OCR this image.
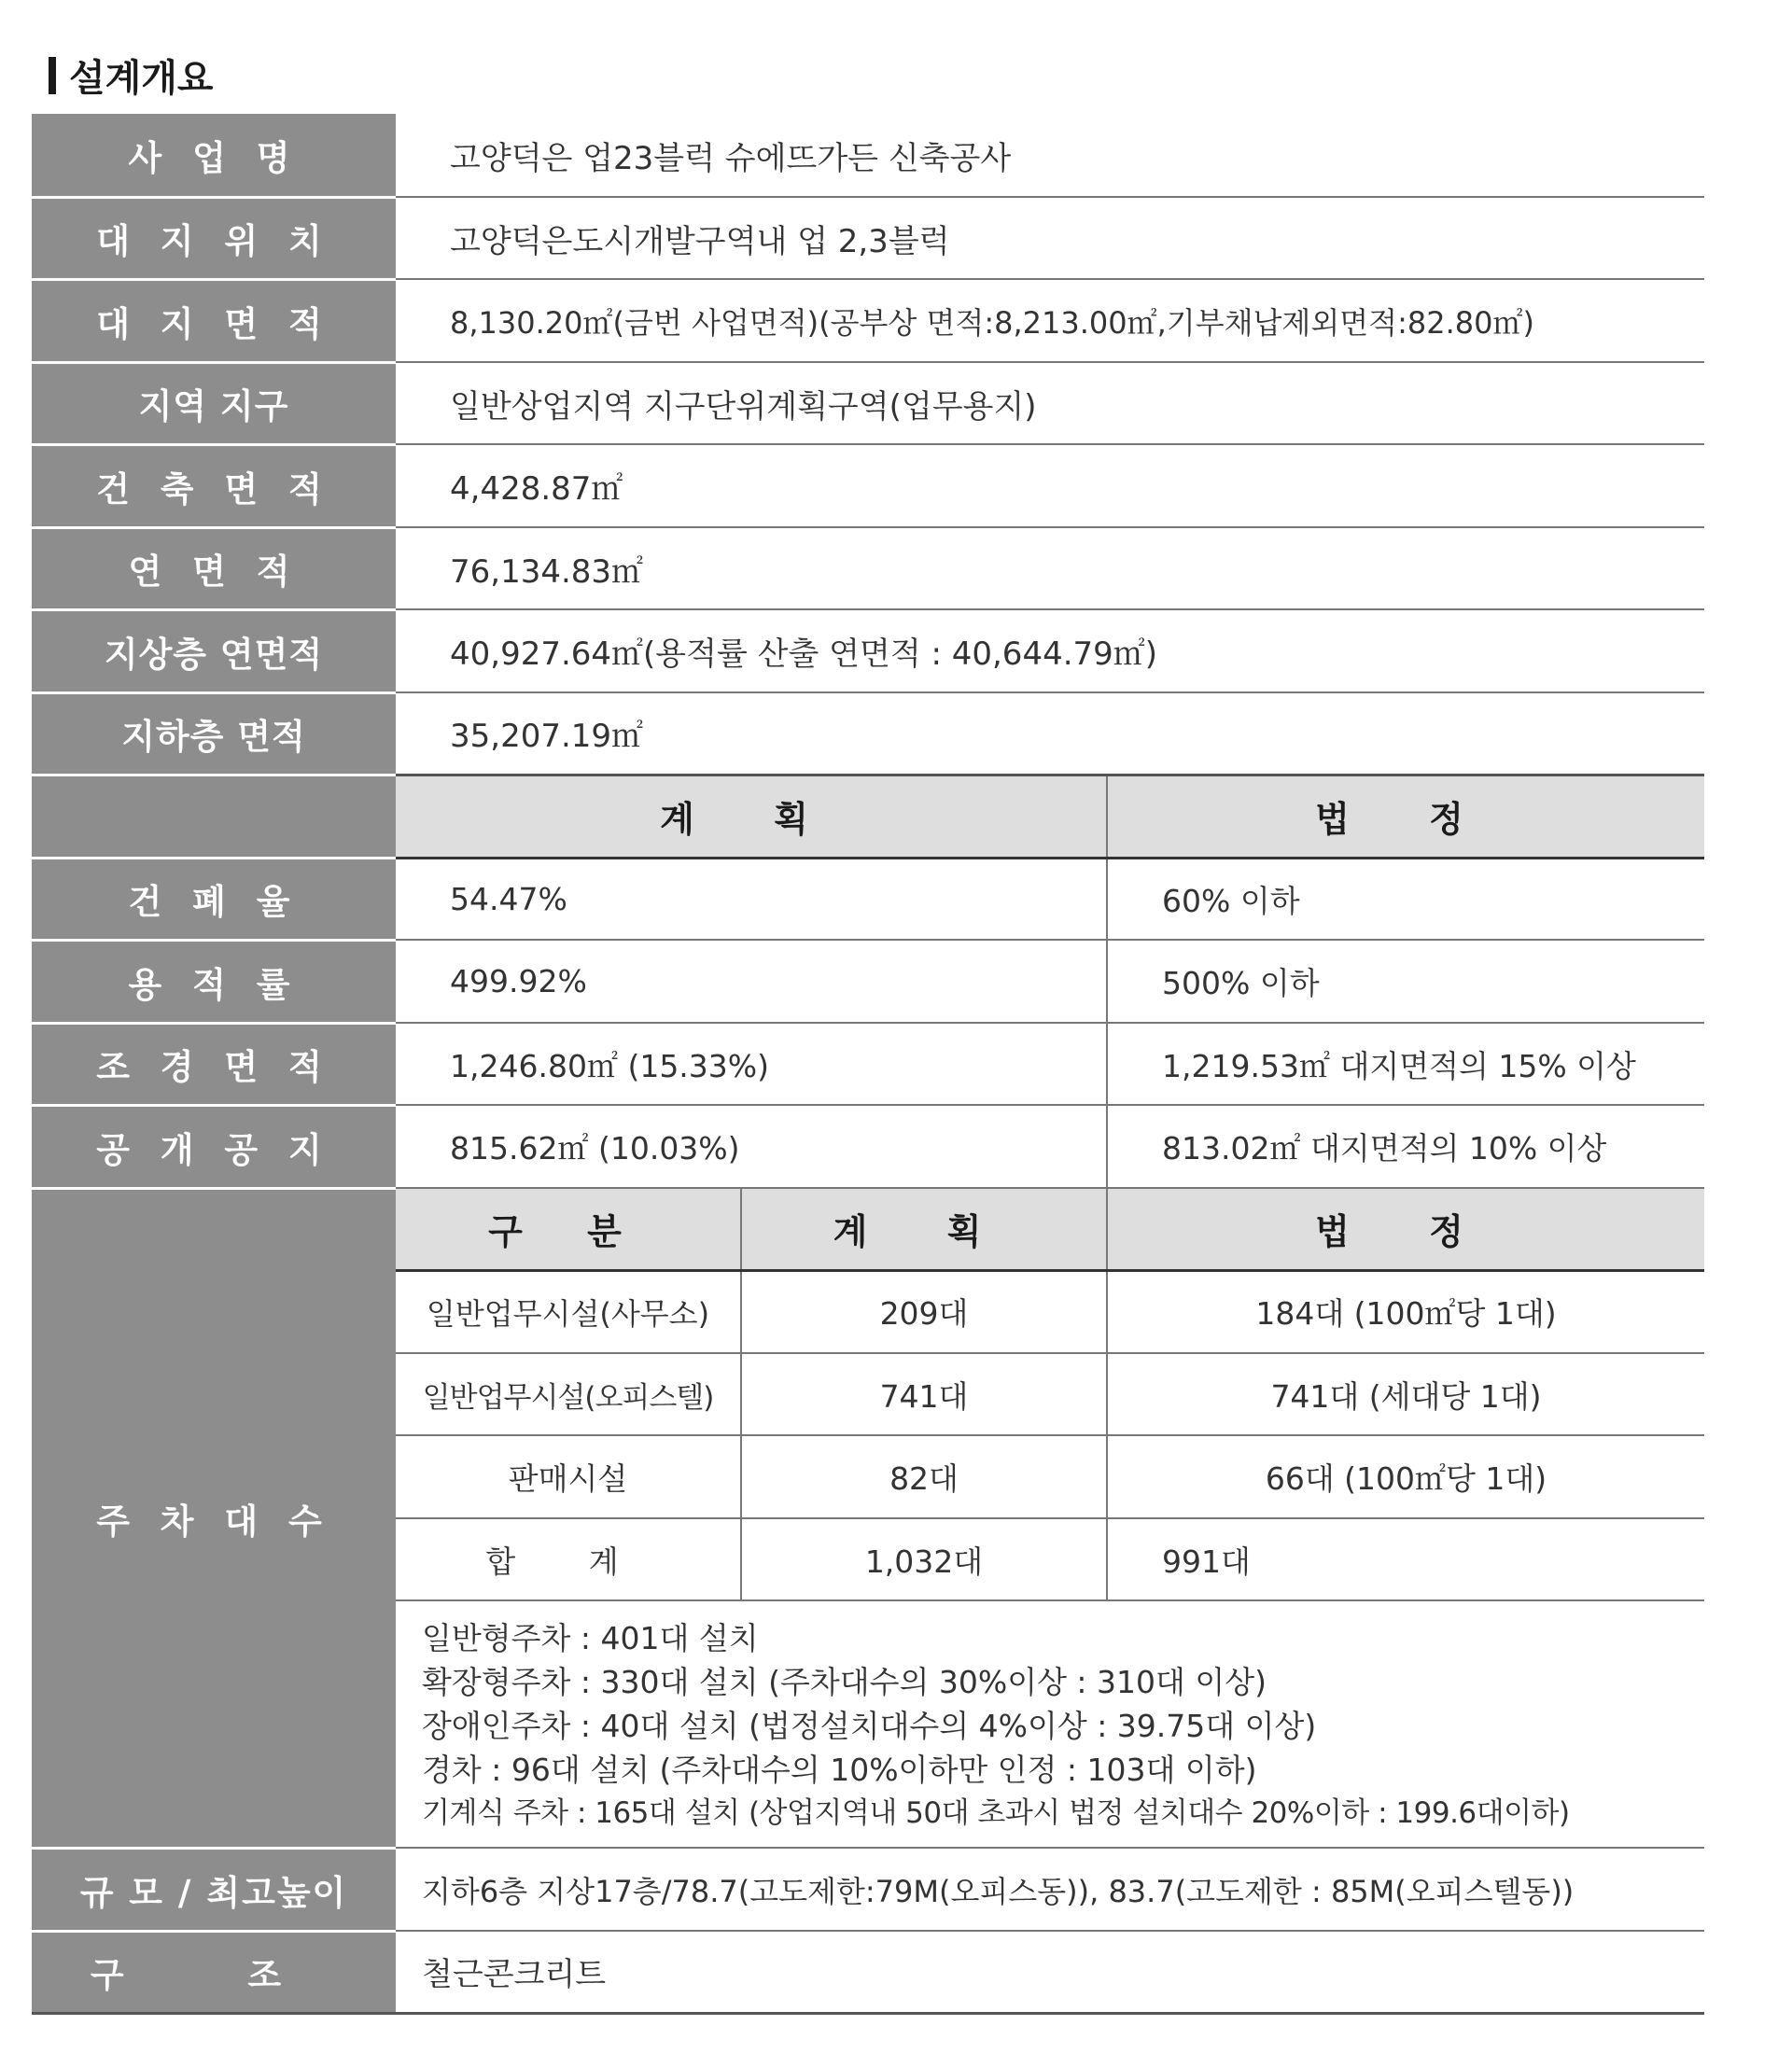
설계개요
사 업 명	고양덕은 업23블럭 슈에뜨가든 신축공사		
대 지 위 치	고양덕은도시개발구역내 업 2,3블럭		
대 지 면 적	8,130.20㎡(금번 사업면적)(공부상 면적:8,213.00㎡,기부채납제외면적:82.80㎡)		
지역 지구	일반상업지역 지구단위계획구역(업무용지)		
건 축 면 적	4,428.87㎡		
연 면 적	76,134.83㎡		
지상층 연면적	40,927.64㎡(용적률 산출 연면적 : 40,644.79㎡)		
지하층 면적	35,207.19㎡		
	계 획		법 정
건 폐 율	54.47%		60% 이하
용 적 률	499.92%		500% 이하
조 경 면 적	1,246.80㎡ (15.33%)		1,219.53㎡ 대지면적의 15% 이상
공 개 공 지	815.62㎡ (10.03%)		813.02㎡ 대지면적의 10% 이상
주 차 대 수	구 분	계 획	법 정
	일반업무시설(사무소)	209대	184대 (100㎡당 1대)
	일반업무시설(오피스텔)	741대	741대 (세대당 1대)
	판매시설	82대	66대 (100㎡당 1대)
	합 계	1,032대	991대

	일반형주차 : 401대 설치
확장형주차 : 330대 설치 (주차대수의 30%이상 : 310대 이상)
장애인주차 : 40대 설치 (법정설치대수의 4%이상 : 39.75대 이상)
경차 : 96대 설치 (주차대수의 10%이하만 인정 : 103대 이하)
기계식 주차 : 165대 설치 (상업지역내 50대 초과시 법정 설치대수 20%이하 : 199.6대이하)		

규 모 / 최고높이	지하6층 지상17층/78.7(고도제한:79M(오피스동)), 83.7(고도제한 : 85M(오피스텔동))		
구 조	철근콘크리트		
